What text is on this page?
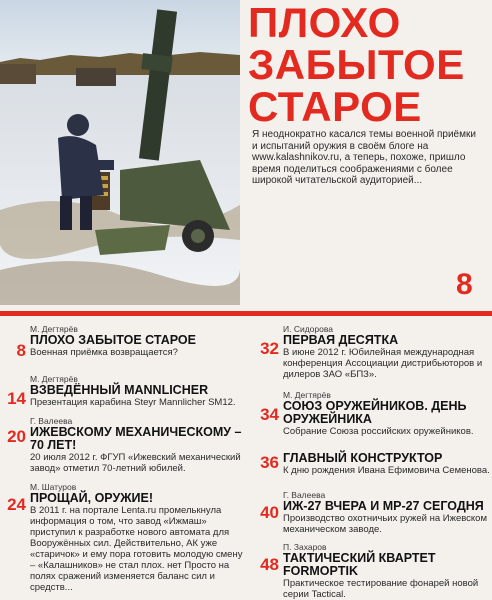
ПЛОХО
ЗАБЫТОЕ
СТАРОЕ

Я неоднократно касался темы военной приёмки и испытаний оружия в своём блоге на www.kalashnikov.ru, а теперь, похоже, пришло время поделиться соображениями с более широкой читательской аудиторией...

8
8
М. Дегтярёв
ПЛОХО ЗАБЫТОЕ СТАРОЕ
Военная приёмка возвращается?
14
М. Дегтярёв
ВЗВЕДЁННЫЙ MANNLICHER
Презентация карабина Steyr Mannlicher SM12.
20
Г. Валеева
ИЖЕВСКОМУ МЕХАНИЧЕСКОМУ – 70 ЛЕТ!
20 июля 2012 г. ФГУП «Ижевский механический завод» отметил 70-летний юбилей.
24
М. Шатуров
ПРОЩАЙ, ОРУЖИЕ!
В 2011 г. на портале Lenta.ru промелькнула информация о том, что завод «Ижмаш» приступил к разработке нового автомата для Вооружённых сил. Действительно, АК уже «старичок» и ему пора готовить молодую смену – «Калашников» не стал плох. нет Просто на полях сражений изменяется баланс сил и средств...
32
И. Сидорова
ПЕРВАЯ ДЕСЯТКА
В июне 2012 г. Юбилейная международная конференция Ассоциации дистрибьюторов и дилеров ЗАО «БПЗ».
34
М. Дегтярёв
СОЮЗ ОРУЖЕЙНИКОВ. ДЕНЬ ОРУЖЕЙНИКА
Собрание Союза российских оружейников.
36 ГЛАВНЫЙ КОНСТРУКТОР
К дню рождения Ивана Ефимовича Семенова.
40
Г. Валеева
ИЖ-27 ВЧЕРА И МР-27 СЕГОДНЯ
Производство охотничьих ружей на Ижевском механическом заводе.
48
П. Захаров
ТАКТИЧЕСКИЙ КВАРТЕТ FORMOPTIK
Практическое тестирование фонарей новой серии Tactical.
